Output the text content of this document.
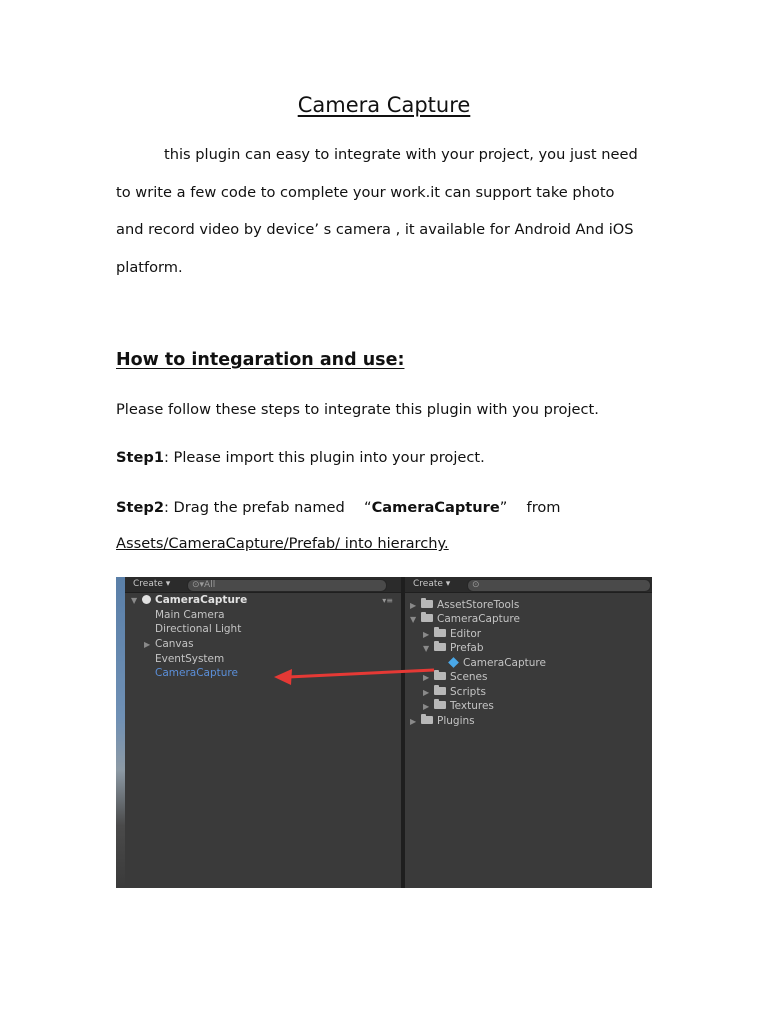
Camera Capture

this plugin can easy to integrate with your project, you just need
to write a few code to complete your work.it can support take photo
and record video by device’ s camera , it available for Android And iOS
platform.

How to integaration and use:

Please follow these steps to integrate this plugin with you project.

Step1: Please import this plugin into your project.

Step2: Drag the prefab named 　“CameraCapture” 　from

Assets/CameraCapture/Prefab/ into hierarchy.

Create ▾	⊙▾All
▼ CameraCapture	▾≡
Main Camera
Directional Light
▶ Canvas
EventSystem
CameraCapture
Create ▾	⊙
▶ AssetStoreTools
▼ CameraCapture
▶ Editor
▼ Prefab
CameraCapture
▶ Scenes
▶ Scripts
▶ Textures
▶ Plugins
